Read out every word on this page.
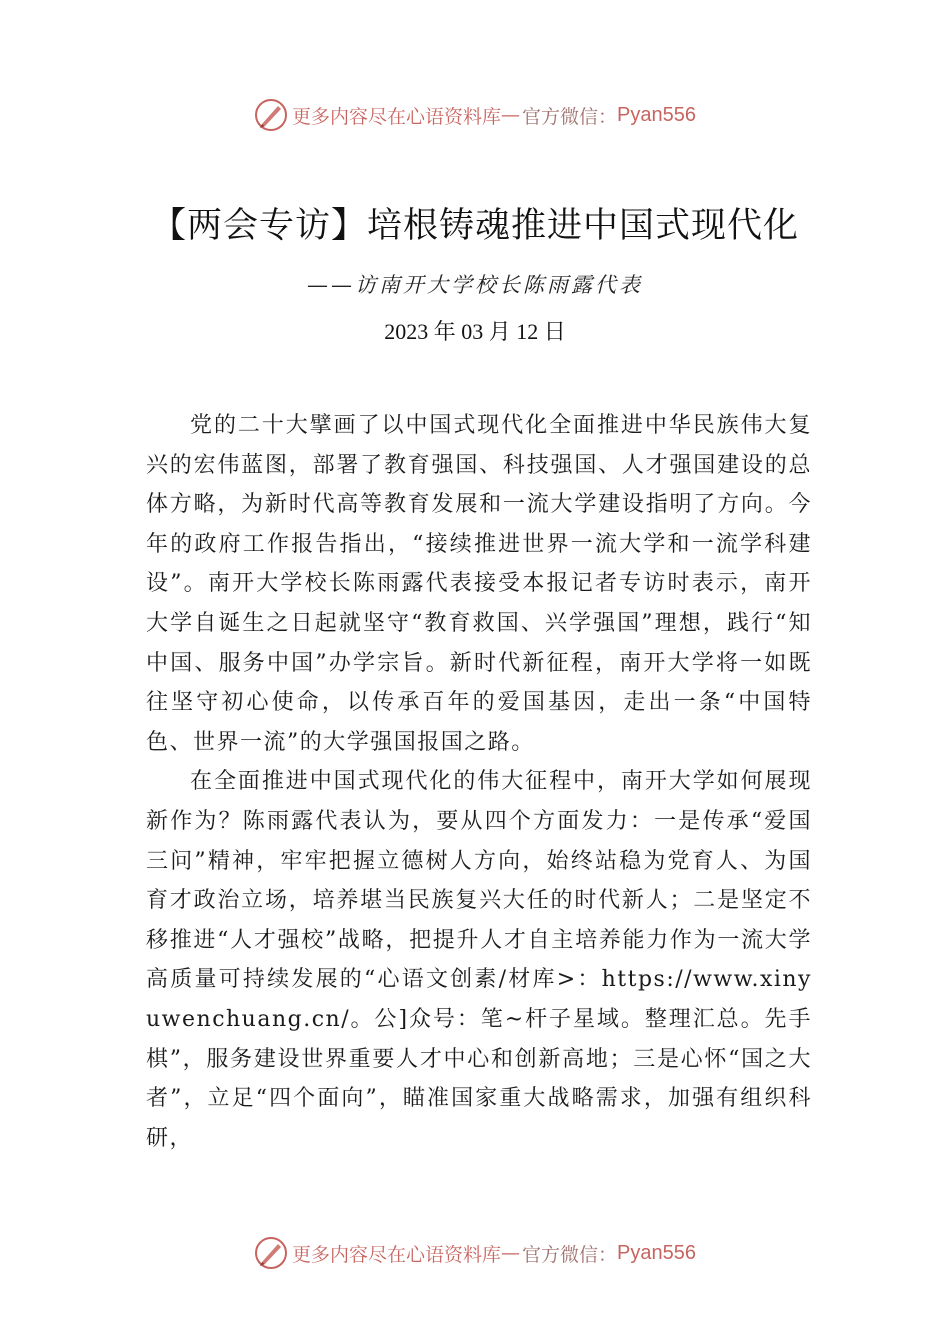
更多内容尽在心语资料库 — 官方微信： Pyan556
【两会专访】培根铸魂推进中国式现代化
——访南开大学校长陈雨露代表
2023 年 03 月 12 日

党的二十大擘画了以中国式现代化全面推进中华民族伟大复兴的宏伟蓝图，部署了教育强国、科技强国、人才强国建设的总体方略，为新时代高等教育发展和一流大学建设指明了方向。今年的政府工作报告指出，“接续推进世界一流大学和一流学科建设”。南开大学校长陈雨露代表接受本报记者专访时表示，南开大学自诞生之日起就坚守“教育救国、兴学强国”理想，践行“知中国、服务中国”办学宗旨。新时代新征程，南开大学将一如既往坚守初心使命，以传承百年的爱国基因，走出一条“中国特色、世界一流”的大学强国报国之路。

在全面推进中国式现代化的伟大征程中，南开大学如何展现新作为？陈雨露代表认为，要从四个方面发力：一是传承“爱国三问”精神，牢牢把握立德树人方向，始终站稳为党育人、为国育才政治立场，培养堪当民族复兴大任的时代新人；二是坚定不移推进“人才强校”战略，把提升人才自主培养能力作为一流大学高质量可持续发展的“心语文创素/材库>：https://www.xinyuwenchuang.cn/。公]众号：笔~杆子星域。整理汇总。先手棋”，服务建设世界重要人才中心和创新高地；三是心怀“国之大者”，立足“四个面向”，瞄准国家重大战略需求，加强有组织科研，

更多内容尽在心语资料库 — 官方微信： Pyan556
